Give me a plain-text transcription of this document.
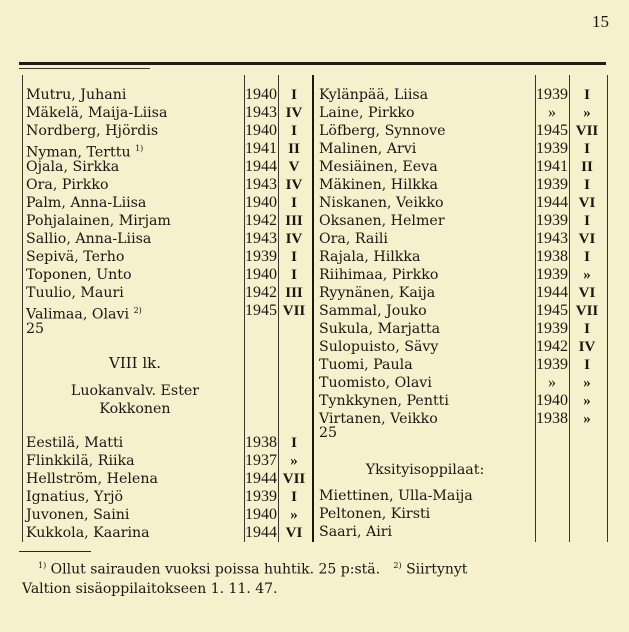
15
Mutru, Juhani	1940 I
Mäkelä, Maija-Liisa	1943 IV
Nordberg, Hjördis	1940 I
Nyman, Terttu $^{1)}$	1941 II
Ojala, Sirkka	1944 V
Ora, Pirkko	1943 IV
Palm, Anna-Liisa	1940 I
Pohjalainen, Mirjam	1942 III
Sallio, Anna-Liisa	1943 IV
Sepivä, Terho	1939 I
Toponen, Unto	1940 I
Tuulio, Mauri	1942 III
Valimaa, Olavi $^{2)}$	1945 VII
Eestilä, Matti	1938 I
Flinkkilä, Riika	1937 »
Hellström, Helena	1944 VII
Ignatius, Yrjö	1939 I
Juvonen, Saini	1940 »
Kukkola, Kaarina	1944 VI
Kylänpää, Liisa	1939	I
Laine, Pirkko	»	»
Löfberg, Synnove	1945 VII
Malinen, Arvi	1939	I
Mesiäinen, Eeva	1941 II
Mäkinen, Hilkka	1939	I
Niskanen, Veikko	1944 VI
Oksanen, Helmer	1939	I
Ora, Raili	1943 VI
Rajala, Hilkka	1938	I
Riihimaa, Pirkko	1939	»
Ryynänen, Kaija	1944 VI
Sammal, Jouko	1945 VII
Sukula, Marjatta	1939	I
Sulopuisto, Sävy	1942 IV
Tuomi, Paula	1939	I
Tuomisto, Olavi	»	»
Tynkkynen, Pentti	1940	»
Virtanen, Veikko	1938	»
25
VIII lk.
Luokanvalv. Ester
Kokkonen
25
Yksityisoppilaat:
Miettinen, Ulla-Maija
Peltonen, Kirsti
Saari, Airi
$^{1)}$ Ollut sairauden vuoksi poissa huhtik. 25 p:stä. $^{2)}$ Siirtynyt
Valtion sisäoppilaitokseen 1. 11. 47.
